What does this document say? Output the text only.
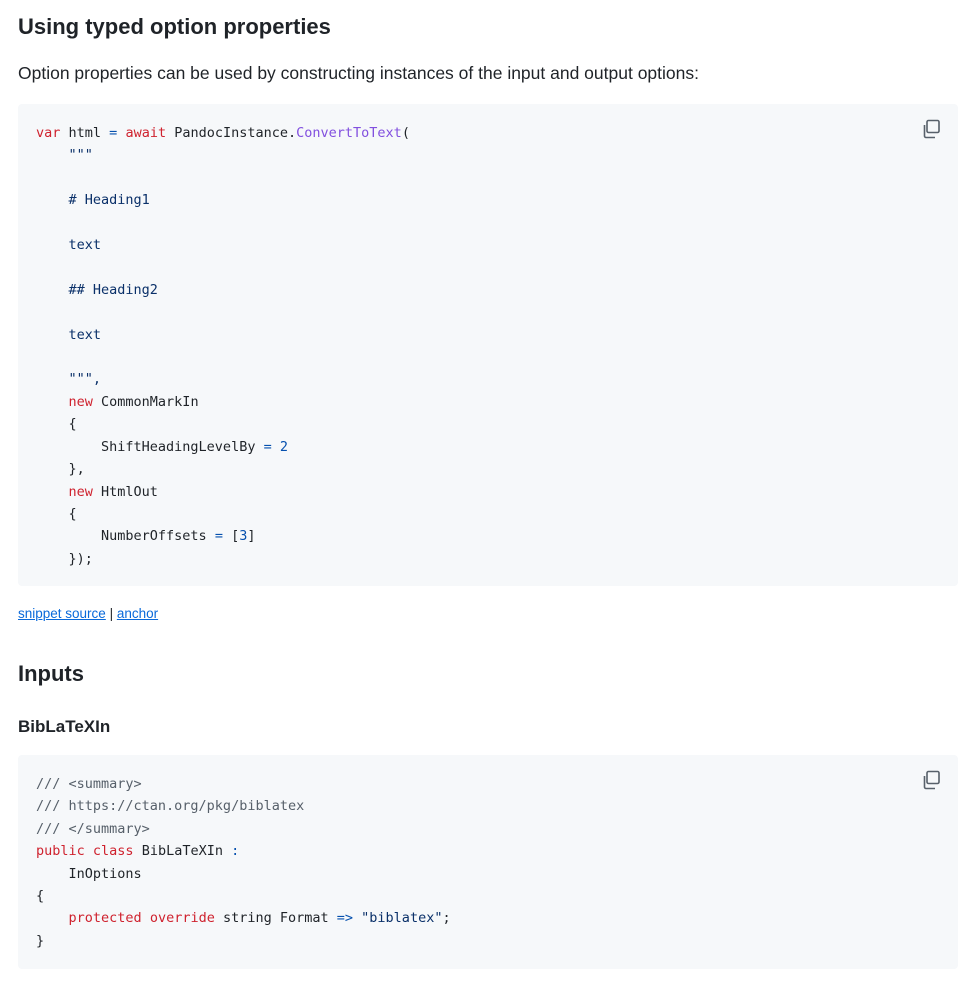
Using typed option properties

Option properties can be used by constructing instances of the input and output options:

var html = await PandocInstance.ConvertToText(
"""

# Heading1

text

## Heading2

text

""",
new CommonMarkIn
{
ShiftHeadingLevelBy = 2
},
new HtmlOut
{
NumberOffsets = [3]
});
snippet source | anchor
Inputs
BibLaTeXIn
/// <summary>
/// https://ctan.org/pkg/biblatex
/// </summary>
public class BibLaTeXIn :
InOptions
{
protected override string Format => "biblatex";
}
